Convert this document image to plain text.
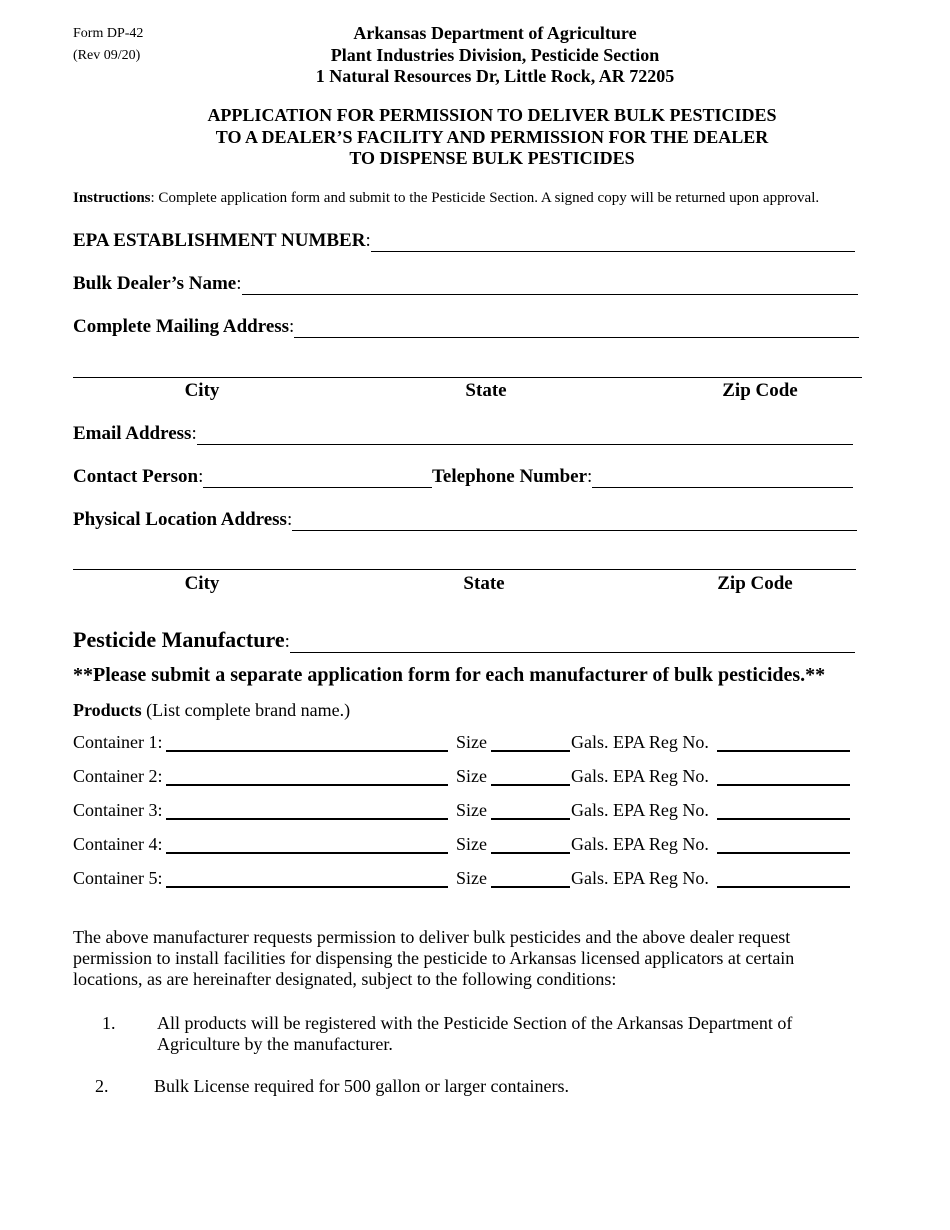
Form DP-42
(Rev 09/20)
Arkansas Department of Agriculture
Plant Industries Division, Pesticide Section
1 Natural Resources Dr, Little Rock, AR 72205
APPLICATION FOR PERMISSION TO DELIVER BULK PESTICIDES
TO A DEALER’S FACILITY AND PERMISSION FOR THE DEALER
TO DISPENSE BULK PESTICIDES
Instructions: Complete application form and submit to the Pesticide Section. A signed copy will be returned upon approval.
EPA ESTABLISHMENT NUMBER :
Bulk Dealer’s Name :
Complete Mailing Address :
City	State	Zip Code
Email Address :
Contact Person :	Telephone Number :
Physical Location Address :
City	State	Zip Code
Pesticide Manufacture :
**Please submit a separate application form for each manufacturer of bulk pesticides.**
Products (List complete brand name.)
Container 1:	Size	Gals. EPA Reg No.
Container 2:	Size	Gals. EPA Reg No.
Container 3:	Size	Gals. EPA Reg No.
Container 4:	Size	Gals. EPA Reg No.
Container 5:	Size	Gals. EPA Reg No.
The above manufacturer requests permission to deliver bulk pesticides and the above dealer request permission to install facilities for dispensing the pesticide to Arkansas licensed applicators at certain locations, as are hereinafter designated, subject to the following conditions:
1. All products will be registered with the Pesticide Section of the Arkansas Department of Agriculture by the manufacturer.
2.	Bulk License required for 500 gallon or larger containers.
